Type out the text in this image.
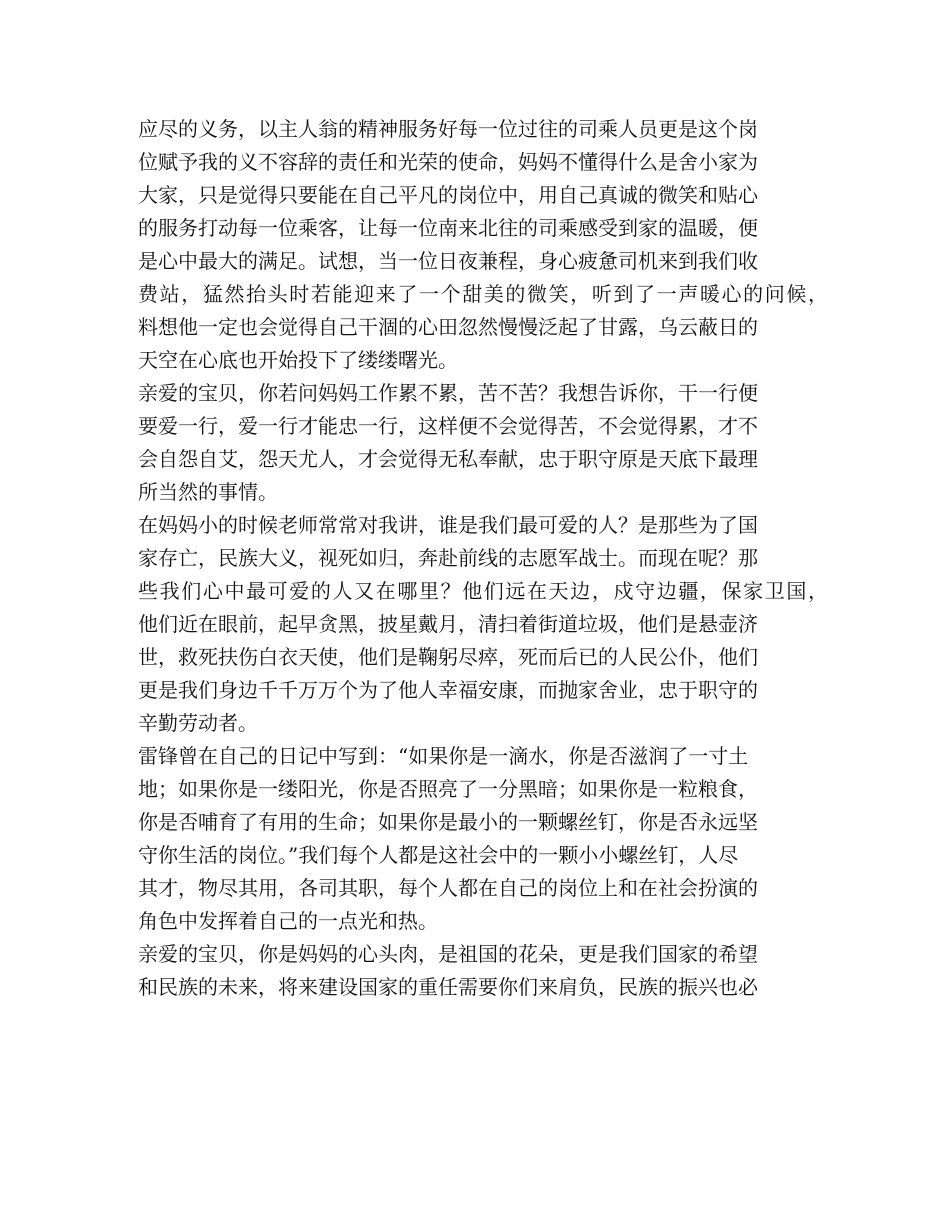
应尽的义务，以主人翁的精神服务好每一位过往的司乘人员更是这个岗
位赋予我的义不容辞的责任和光荣的使命，妈妈不懂得什么是舍小家为
大家，只是觉得只要能在自己平凡的岗位中，用自己真诚的微笑和贴心
的服务打动每一位乘客，让每一位南来北往的司乘感受到家的温暖，便
是心中最大的满足。试想，当一位日夜兼程，身心疲惫司机来到我们收
费站，猛然抬头时若能迎来了一个甜美的微笑，听到了一声暖心的问候，
料想他一定也会觉得自己干涸的心田忽然慢慢泛起了甘露，乌云蔽日的
天空在心底也开始投下了缕缕曙光。
亲爱的宝贝，你若问妈妈工作累不累，苦不苦？我想告诉你，干一行便
要爱一行，爱一行才能忠一行，这样便不会觉得苦，不会觉得累，才不
会自怨自艾，怨天尤人，才会觉得无私奉献，忠于职守原是天底下最理
所当然的事情。
在妈妈小的时候老师常常对我讲，谁是我们最可爱的人？是那些为了国
家存亡，民族大义，视死如归，奔赴前线的志愿军战士。而现在呢？那
些我们心中最可爱的人又在哪里？他们远在天边，戍守边疆，保家卫国，
他们近在眼前，起早贪黑，披星戴月，清扫着街道垃圾，他们是悬壶济
世，救死扶伤白衣天使，他们是鞠躬尽瘁，死而后已的人民公仆，他们
更是我们身边千千万万个为了他人幸福安康，而抛家舍业，忠于职守的
辛勤劳动者。
雷锋曾在自己的日记中写到：“如果你是一滴水，你是否滋润了一寸土
地；如果你是一缕阳光，你是否照亮了一分黑暗；如果你是一粒粮食，
你是否哺育了有用的生命；如果你是最小的一颗螺丝钉，你是否永远坚
守你生活的岗位。”我们每个人都是这社会中的一颗小小螺丝钉，人尽
其才，物尽其用，各司其职，每个人都在自己的岗位上和在社会扮演的
角色中发挥着自己的一点光和热。
亲爱的宝贝，你是妈妈的心头肉，是祖国的花朵，更是我们国家的希望
和民族的未来，将来建设国家的重任需要你们来肩负，民族的振兴也必
